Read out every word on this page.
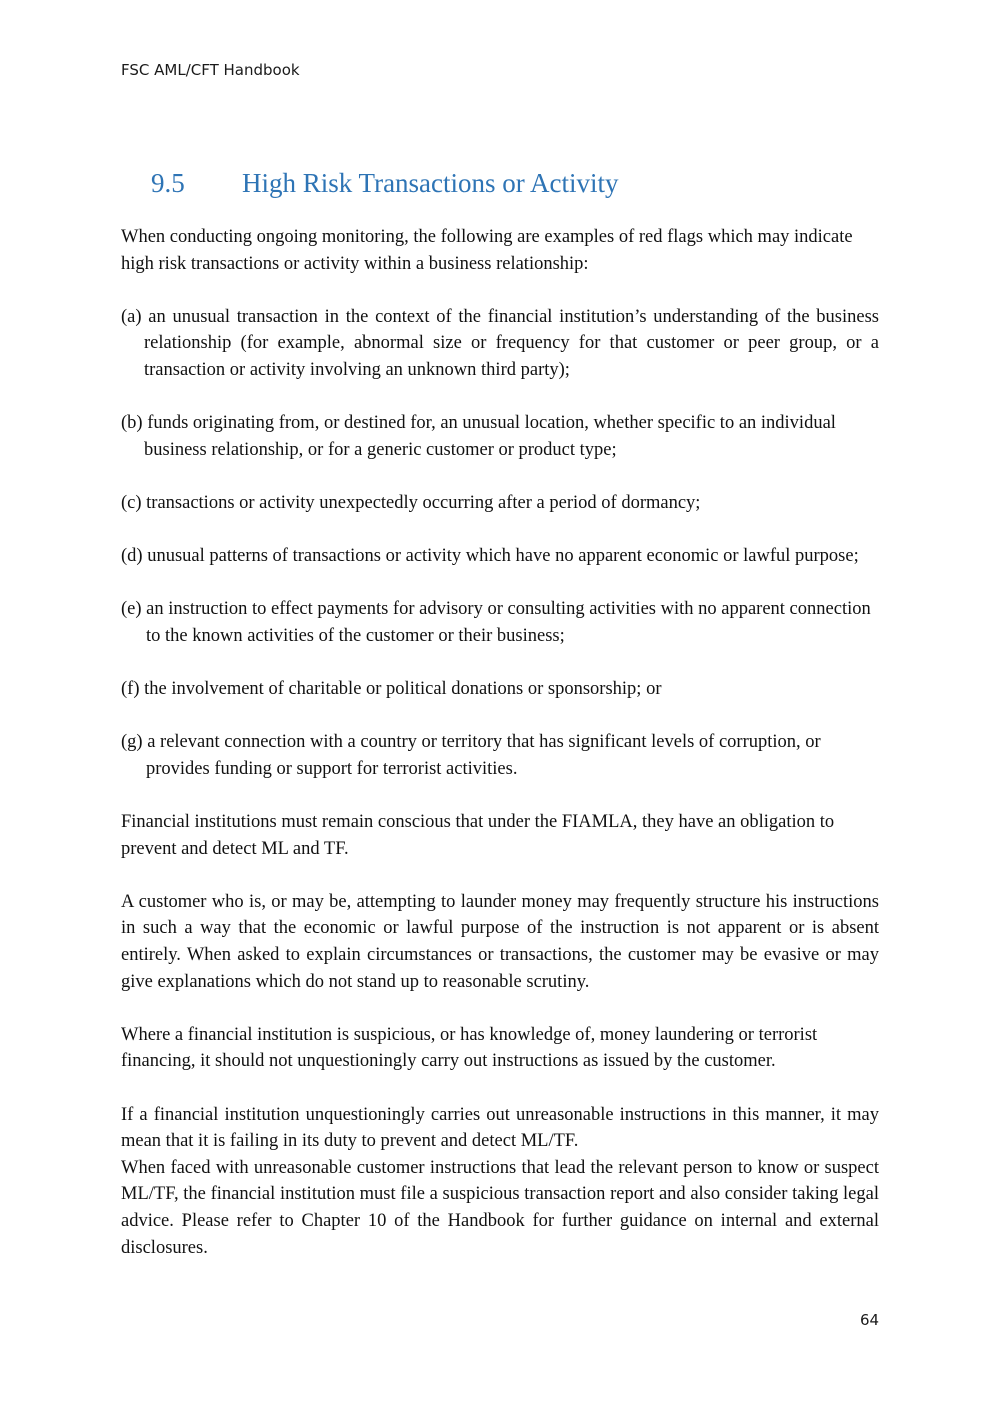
FSC AML/CFT Handbook
9.5 High Risk Transactions or Activity

When conducting ongoing monitoring, the following are examples of red flags which may indicate high risk transactions or activity within a business relationship:

(a) an unusual transaction in the context of the financial institution’s understanding of the business relationship (for example, abnormal size or frequency for that customer or peer group, or a transaction or activity involving an unknown third party);

(b) funds originating from, or destined for, an unusual location, whether specific to an individual business relationship, or for a generic customer or product type;

(c) transactions or activity unexpectedly occurring after a period of dormancy;

(d) unusual patterns of transactions or activity which have no apparent economic or lawful purpose;

(e) an instruction to effect payments for advisory or consulting activities with no apparent connection to the known activities of the customer or their business;

(f) the involvement of charitable or political donations or sponsorship; or

(g) a relevant connection with a country or territory that has significant levels of corruption, or provides funding or support for terrorist activities.

Financial institutions must remain conscious that under the FIAMLA, they have an obligation to prevent and detect ML and TF.

A customer who is, or may be, attempting to launder money may frequently structure his instructions in such a way that the economic or lawful purpose of the instruction is not apparent or is absent entirely. When asked to explain circumstances or transactions, the customer may be evasive or may give explanations which do not stand up to reasonable scrutiny.

Where a financial institution is suspicious, or has knowledge of, money laundering or terrorist financing, it should not unquestioningly carry out instructions as issued by the customer.

If a financial institution unquestioningly carries out unreasonable instructions in this manner, it may mean that it is failing in its duty to prevent and detect ML/TF.

When faced with unreasonable customer instructions that lead the relevant person to know or suspect ML/TF, the financial institution must file a suspicious transaction report and also consider taking legal advice. Please refer to Chapter 10 of the Handbook for further guidance on internal and external disclosures.

64
